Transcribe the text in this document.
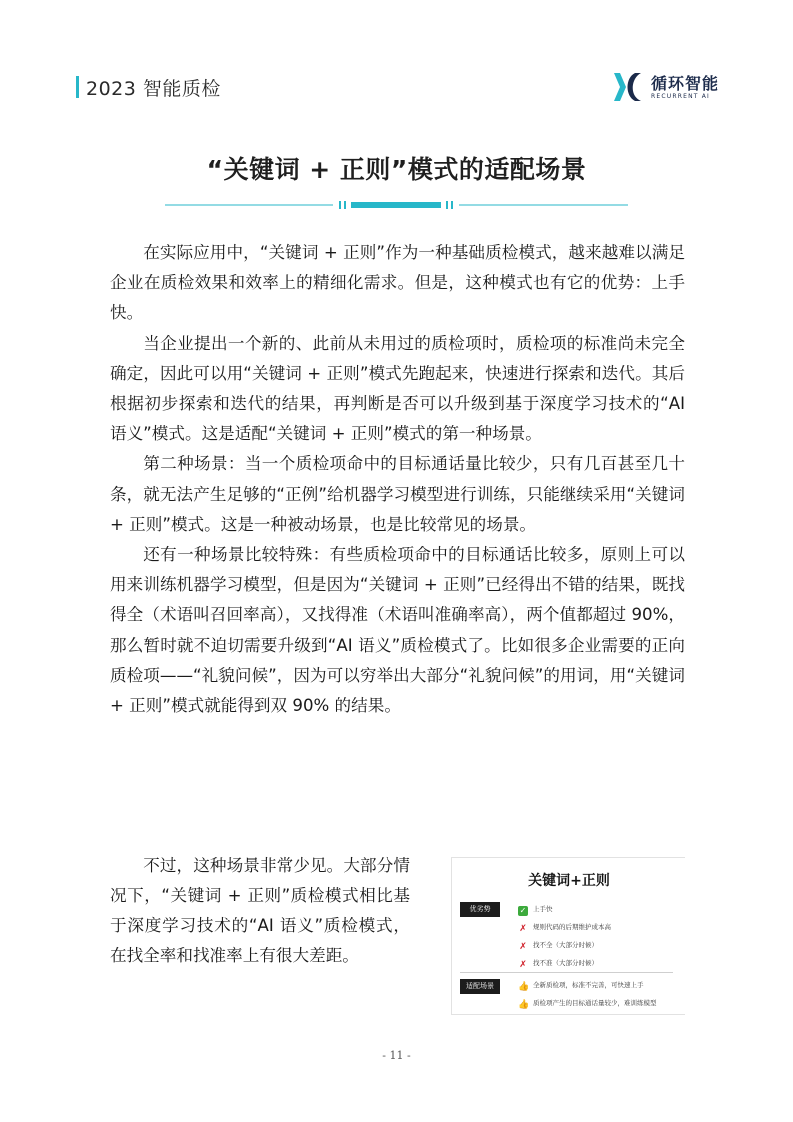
2023 智能质检	循环智能
RECURRENT AI
“关键词 + 正则”模式的适配场景

在实际应用中，“关键词 + 正则”作为一种基础质检模式，越来越难以满足企业在质检效果和效率上的精细化需求。但是，这种模式也有它的优势：上手快。

当企业提出一个新的、此前从未用过的质检项时，质检项的标准尚未完全确定，因此可以用“关键词 + 正则”模式先跑起来，快速进行探索和迭代。其后根据初步探索和迭代的结果，再判断是否可以升级到基于深度学习技术的“AI 语义”模式。这是适配“关键词 + 正则”模式的第一种场景。

第二种场景：当一个质检项命中的目标通话量比较少，只有几百甚至几十条，就无法产生足够的“正例”给机器学习模型进行训练，只能继续采用“关键词 + 正则”模式。这是一种被动场景，也是比较常见的场景。

还有一种场景比较特殊：有些质检项命中的目标通话比较多，原则上可以用来训练机器学习模型，但是因为“关键词 + 正则”已经得出不错的结果，既找得全（术语叫召回率高），又找得准（术语叫准确率高），两个值都超过 90%，那么暂时就不迫切需要升级到“AI 语义”质检模式了。比如很多企业需要的正向质检项——“礼貌问候”，因为可以穷举出大部分“礼貌问候”的用词，用“关键词 + 正则”模式就能得到双 90% 的结果。

不过，这种场景非常少见。大部分情况下，“关键词 + 正则”质检模式相比基于深度学习技术的“AI 语义”质检模式，在找全率和找准率上有很大差距。

关键词+正则
优劣势	✓ 上手快
✗ 规则代码的后期维护成本高
✗ 找不全（大部分时候）
✗ 找不准（大部分时候）
适配场景	👍 全新质检项，标准不完善，可快速上手
👍 质检项产生的目标通话量较少，难训练模型
- 11 -
